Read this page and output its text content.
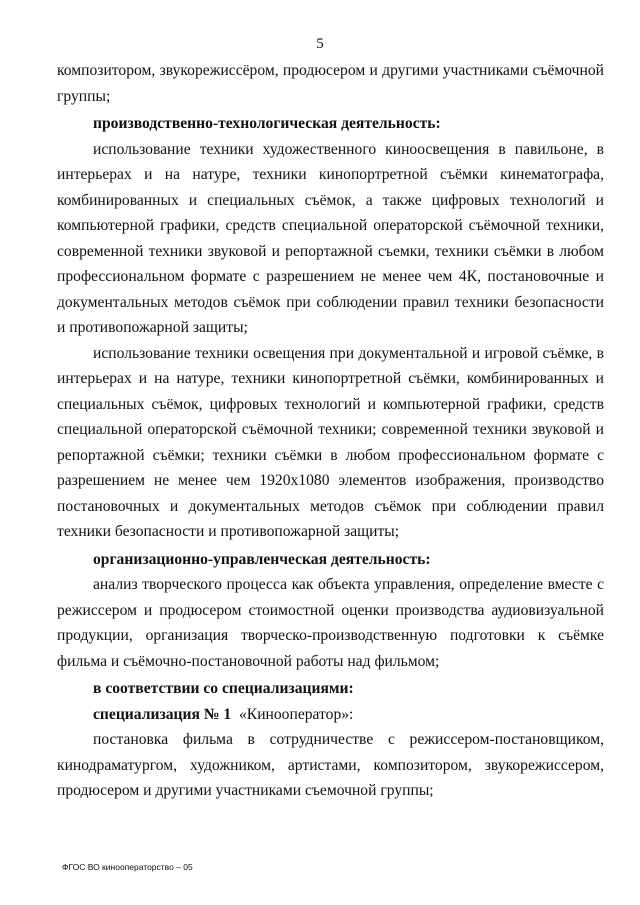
5

композитором, звукорежиссёром, продюсером и другими участниками съёмочной группы;

производственно-технологическая деятельность:

использование техники художественного киноосвещения в павильоне, в интерьерах и на натуре, техники кинопортретной съёмки кинематографа, комбинированных и специальных съёмок, а также цифровых технологий и компьютерной графики, средств специальной операторской съёмочной техники, современной техники звуковой и репортажной съемки, техники съёмки в любом профессиональном формате с разрешением не менее чем 4К, постановочные и документальных методов съёмок при соблюдении правил техники безопасности и противопожарной защиты;

использование техники освещения при документальной и игровой съёмке, в интерьерах и на натуре, техники кинопортретной съёмки, комбинированных и специальных съёмок, цифровых технологий и компьютерной графики, средств специальной операторской съёмочной техники; современной техники звуковой и репортажной съёмки; техники съёмки в любом профессиональном формате с разрешением не менее чем 1920x1080 элементов изображения, производство постановочных и документальных методов съёмок при соблюдении правил техники безопасности и противопожарной защиты;

организационно-управленческая деятельность:

анализ творческого процесса как объекта управления, определение вместе с режиссером и продюсером стоимостной оценки производства аудиовизуальной продукции, организация творческо-производственную подготовки к съёмке фильма и съёмочно-постановочной работы над фильмом;

в соответствии со специализациями:

специализация № 1 «Кинооператор»:

постановка фильма в сотрудничестве с режиссером-постановщиком, кинодраматургом, художником, артистами, композитором, звукорежиссером, продюсером и другими участниками съемочной группы;

ФГОС ВО кинооператорство – 05
